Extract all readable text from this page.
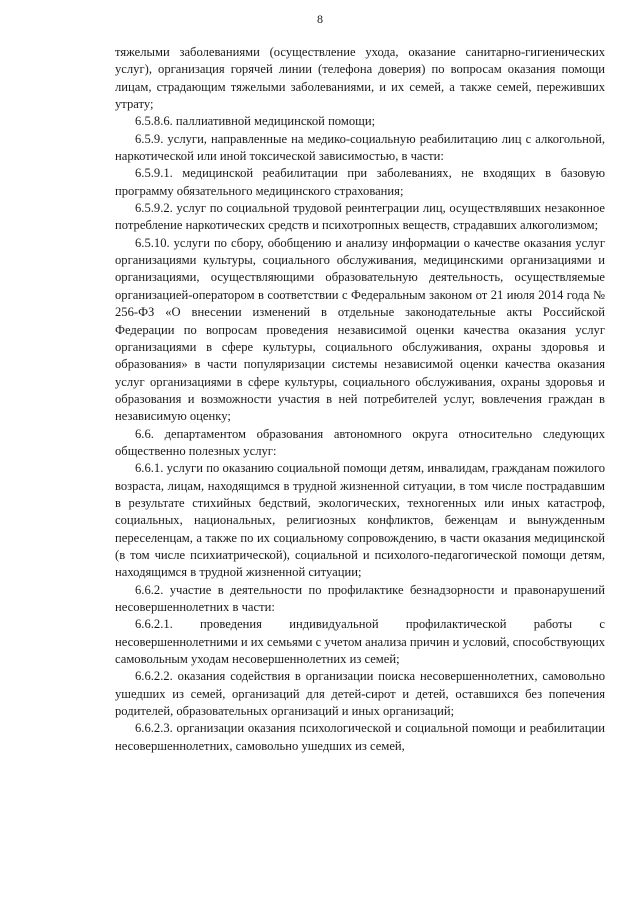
8

тяжелыми заболеваниями (осуществление ухода, оказание санитарно-гигиенических услуг), организация горячей линии (телефона доверия) по вопросам оказания помощи лицам, страдающим тяжелыми заболеваниями, и их семей, а также семей, переживших утрату;

6.5.8.6. паллиативной медицинской помощи;

6.5.9. услуги, направленные на медико-социальную реабилитацию лиц с алкогольной, наркотической или иной токсической зависимостью, в части:

6.5.9.1. медицинской реабилитации при заболеваниях, не входящих в базовую программу обязательного медицинского страхования;

6.5.9.2. услуг по социальной трудовой реинтеграции лиц, осуществлявших незаконное потребление наркотических средств и психотропных веществ, страдавших алкоголизмом;

6.5.10. услуги по сбору, обобщению и анализу информации о качестве оказания услуг организациями культуры, социального обслуживания, медицинскими организациями и организациями, осуществляющими образовательную деятельность, осуществляемые организацией-оператором в соответствии с Федеральным законом от 21 июля 2014 года № 256-ФЗ «О внесении изменений в отдельные законодательные акты Российской Федерации по вопросам проведения независимой оценки качества оказания услуг организациями в сфере культуры, социального обслуживания, охраны здоровья и образования» в части популяризации системы независимой оценки качества оказания услуг организациями в сфере культуры, социального обслуживания, охраны здоровья и образования и возможности участия в ней потребителей услуг, вовлечения граждан в независимую оценку;

6.6. департаментом образования автономного округа относительно следующих общественно полезных услуг:

6.6.1. услуги по оказанию социальной помощи детям, инвалидам, гражданам пожилого возраста, лицам, находящимся в трудной жизненной ситуации, в том числе пострадавшим в результате стихийных бедствий, экологических, техногенных или иных катастроф, социальных, национальных, религиозных конфликтов, беженцам и вынужденным переселенцам, а также по их социальному сопровождению, в части оказания медицинской (в том числе психиатрической), социальной и психолого-педагогической помощи детям, находящимся в трудной жизненной ситуации;

6.6.2. участие в деятельности по профилактике безнадзорности и правонарушений несовершеннолетних в части:

6.6.2.1. проведения индивидуальной профилактической работы с несовершеннолетними и их семьями с учетом анализа причин и условий, способствующих самовольным уходам несовершеннолетних из семей;

6.6.2.2. оказания содействия в организации поиска несовершеннолетних, самовольно ушедших из семей, организаций для детей-сирот и детей, оставшихся без попечения родителей, образовательных организаций и иных организаций;

6.6.2.3. организации оказания психологической и социальной помощи и реабилитации несовершеннолетних, самовольно ушедших из семей,
